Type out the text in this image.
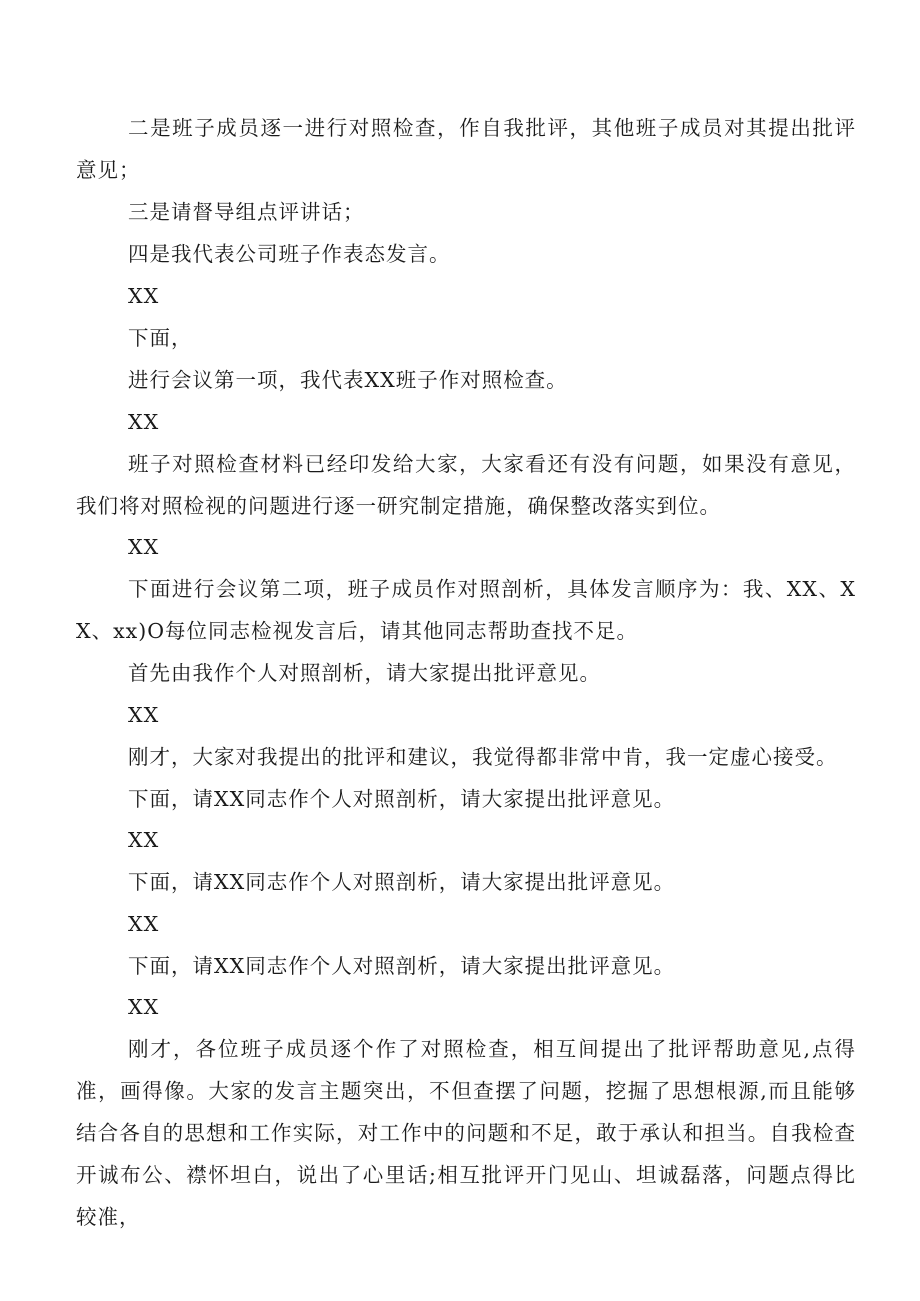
二是班子成员逐一进行对照检查，作自我批评，其他班子成员对其提出批评意见；

三是请督导组点评讲话；

四是我代表公司班子作表态发言。

XX

下面，

进行会议第一项，我代表XX班子作对照检查。

XX

班子对照检查材料已经印发给大家，大家看还有没有问题，如果没有意见，我们将对照检视的问题进行逐一研究制定措施，确保整改落实到位。

XX

下面进行会议第二项，班子成员作对照剖析，具体发言顺序为：我、XX、XX、xx)O每位同志检视发言后，请其他同志帮助查找不足。

首先由我作个人对照剖析，请大家提出批评意见。

XX

刚才，大家对我提出的批评和建议，我觉得都非常中肯，我一定虚心接受。

下面，请XX同志作个人对照剖析，请大家提出批评意见。

XX

下面，请XX同志作个人对照剖析，请大家提出批评意见。

XX

下面，请XX同志作个人对照剖析，请大家提出批评意见。

XX

刚才，各位班子成员逐个作了对照检查，相互间提出了批评帮助意见,点得准，画得像。大家的发言主题突出，不但查摆了问题，挖掘了思想根源,而且能够结合各自的思想和工作实际，对工作中的问题和不足，敢于承认和担当。自我检查开诚布公、襟怀坦白，说出了心里话;相互批评开门见山、坦诚磊落，问题点得比较准，
